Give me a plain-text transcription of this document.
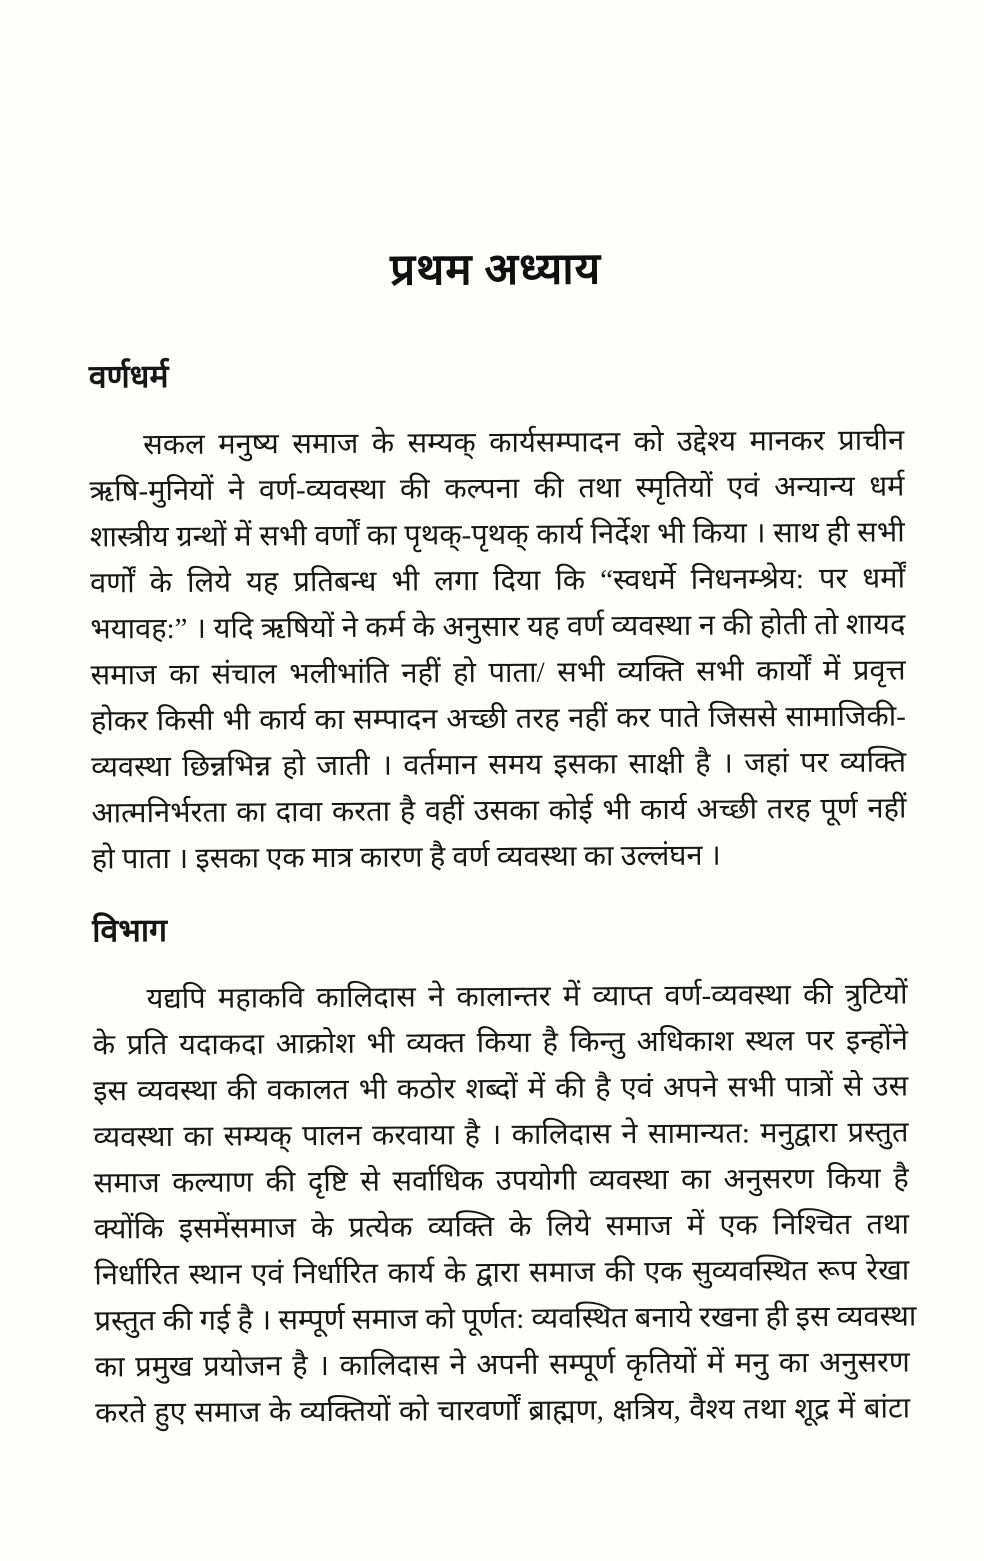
प्रथम अध्याय
वर्णधर्म
सकल मनुष्य समाज के सम्यक् कार्यसम्पादन को उद्देश्य मानकर प्राचीन
ऋषि-मुनियों ने वर्ण-व्यवस्था की कल्पना की तथा स्मृतियों एवं अन्यान्य धर्म
शास्त्रीय ग्रन्थों में सभी वर्णों का पृथक्-पृथक् कार्य निर्देश भी किया । साथ ही सभी
वर्णों के लिये यह प्रतिबन्ध भी लगा दिया कि “स्वधर्मे निधनम्श्रेय: पर धर्मों
भयावह:” । यदि ऋषियों ने कर्म के अनुसार यह वर्ण व्यवस्था न की होती तो शायद
समाज का संचाल भलीभांति नहीं हो पाता/ सभी व्यक्ति सभी कार्यों में प्रवृत्त
होकर किसी भी कार्य का सम्पादन अच्छी तरह नहीं कर पाते जिससे सामाजिकी-
व्यवस्था छिन्नभिन्न हो जाती । वर्तमान समय इसका साक्षी है । जहां पर व्यक्ति
आत्मनिर्भरता का दावा करता है वहीं उसका कोई भी कार्य अच्छी तरह पूर्ण नहीं
हो पाता । इसका एक मात्र कारण है वर्ण व्यवस्था का उल्लंघन ।
विभाग
यद्यपि महाकवि कालिदास ने कालान्तर में व्याप्त वर्ण-व्यवस्था की त्रुटियों
के प्रति यदाकदा आक्रोश भी व्यक्त किया है किन्तु अधिकाश स्थल पर इन्होंने
इस व्यवस्था की वकालत भी कठोर शब्दों में की है एवं अपने सभी पात्रों से उस
व्यवस्था का सम्यक् पालन करवाया है । कालिदास ने सामान्यत: मनुद्वारा प्रस्तुत
समाज कल्याण की दृष्टि से सर्वाधिक उपयोगी व्यवस्था का अनुसरण किया है
क्योंकि इसमेंसमाज के प्रत्येक व्यक्ति के लिये समाज में एक निश्चित तथा
निर्धारित स्थान एवं निर्धारित कार्य के द्वारा समाज की एक सुव्यवस्थित रूप रेखा
प्रस्तुत की गई है । सम्पूर्ण समाज को पूर्णत: व्यवस्थित बनाये रखना ही इस व्यवस्था
का प्रमुख प्रयोजन है । कालिदास ने अपनी सम्पूर्ण कृतियों में मनु का अनुसरण
करते हुए समाज के व्यक्तियों को चारवर्णों ब्राह्मण, क्षत्रिय, वैश्य तथा शूद्र में बांटा
